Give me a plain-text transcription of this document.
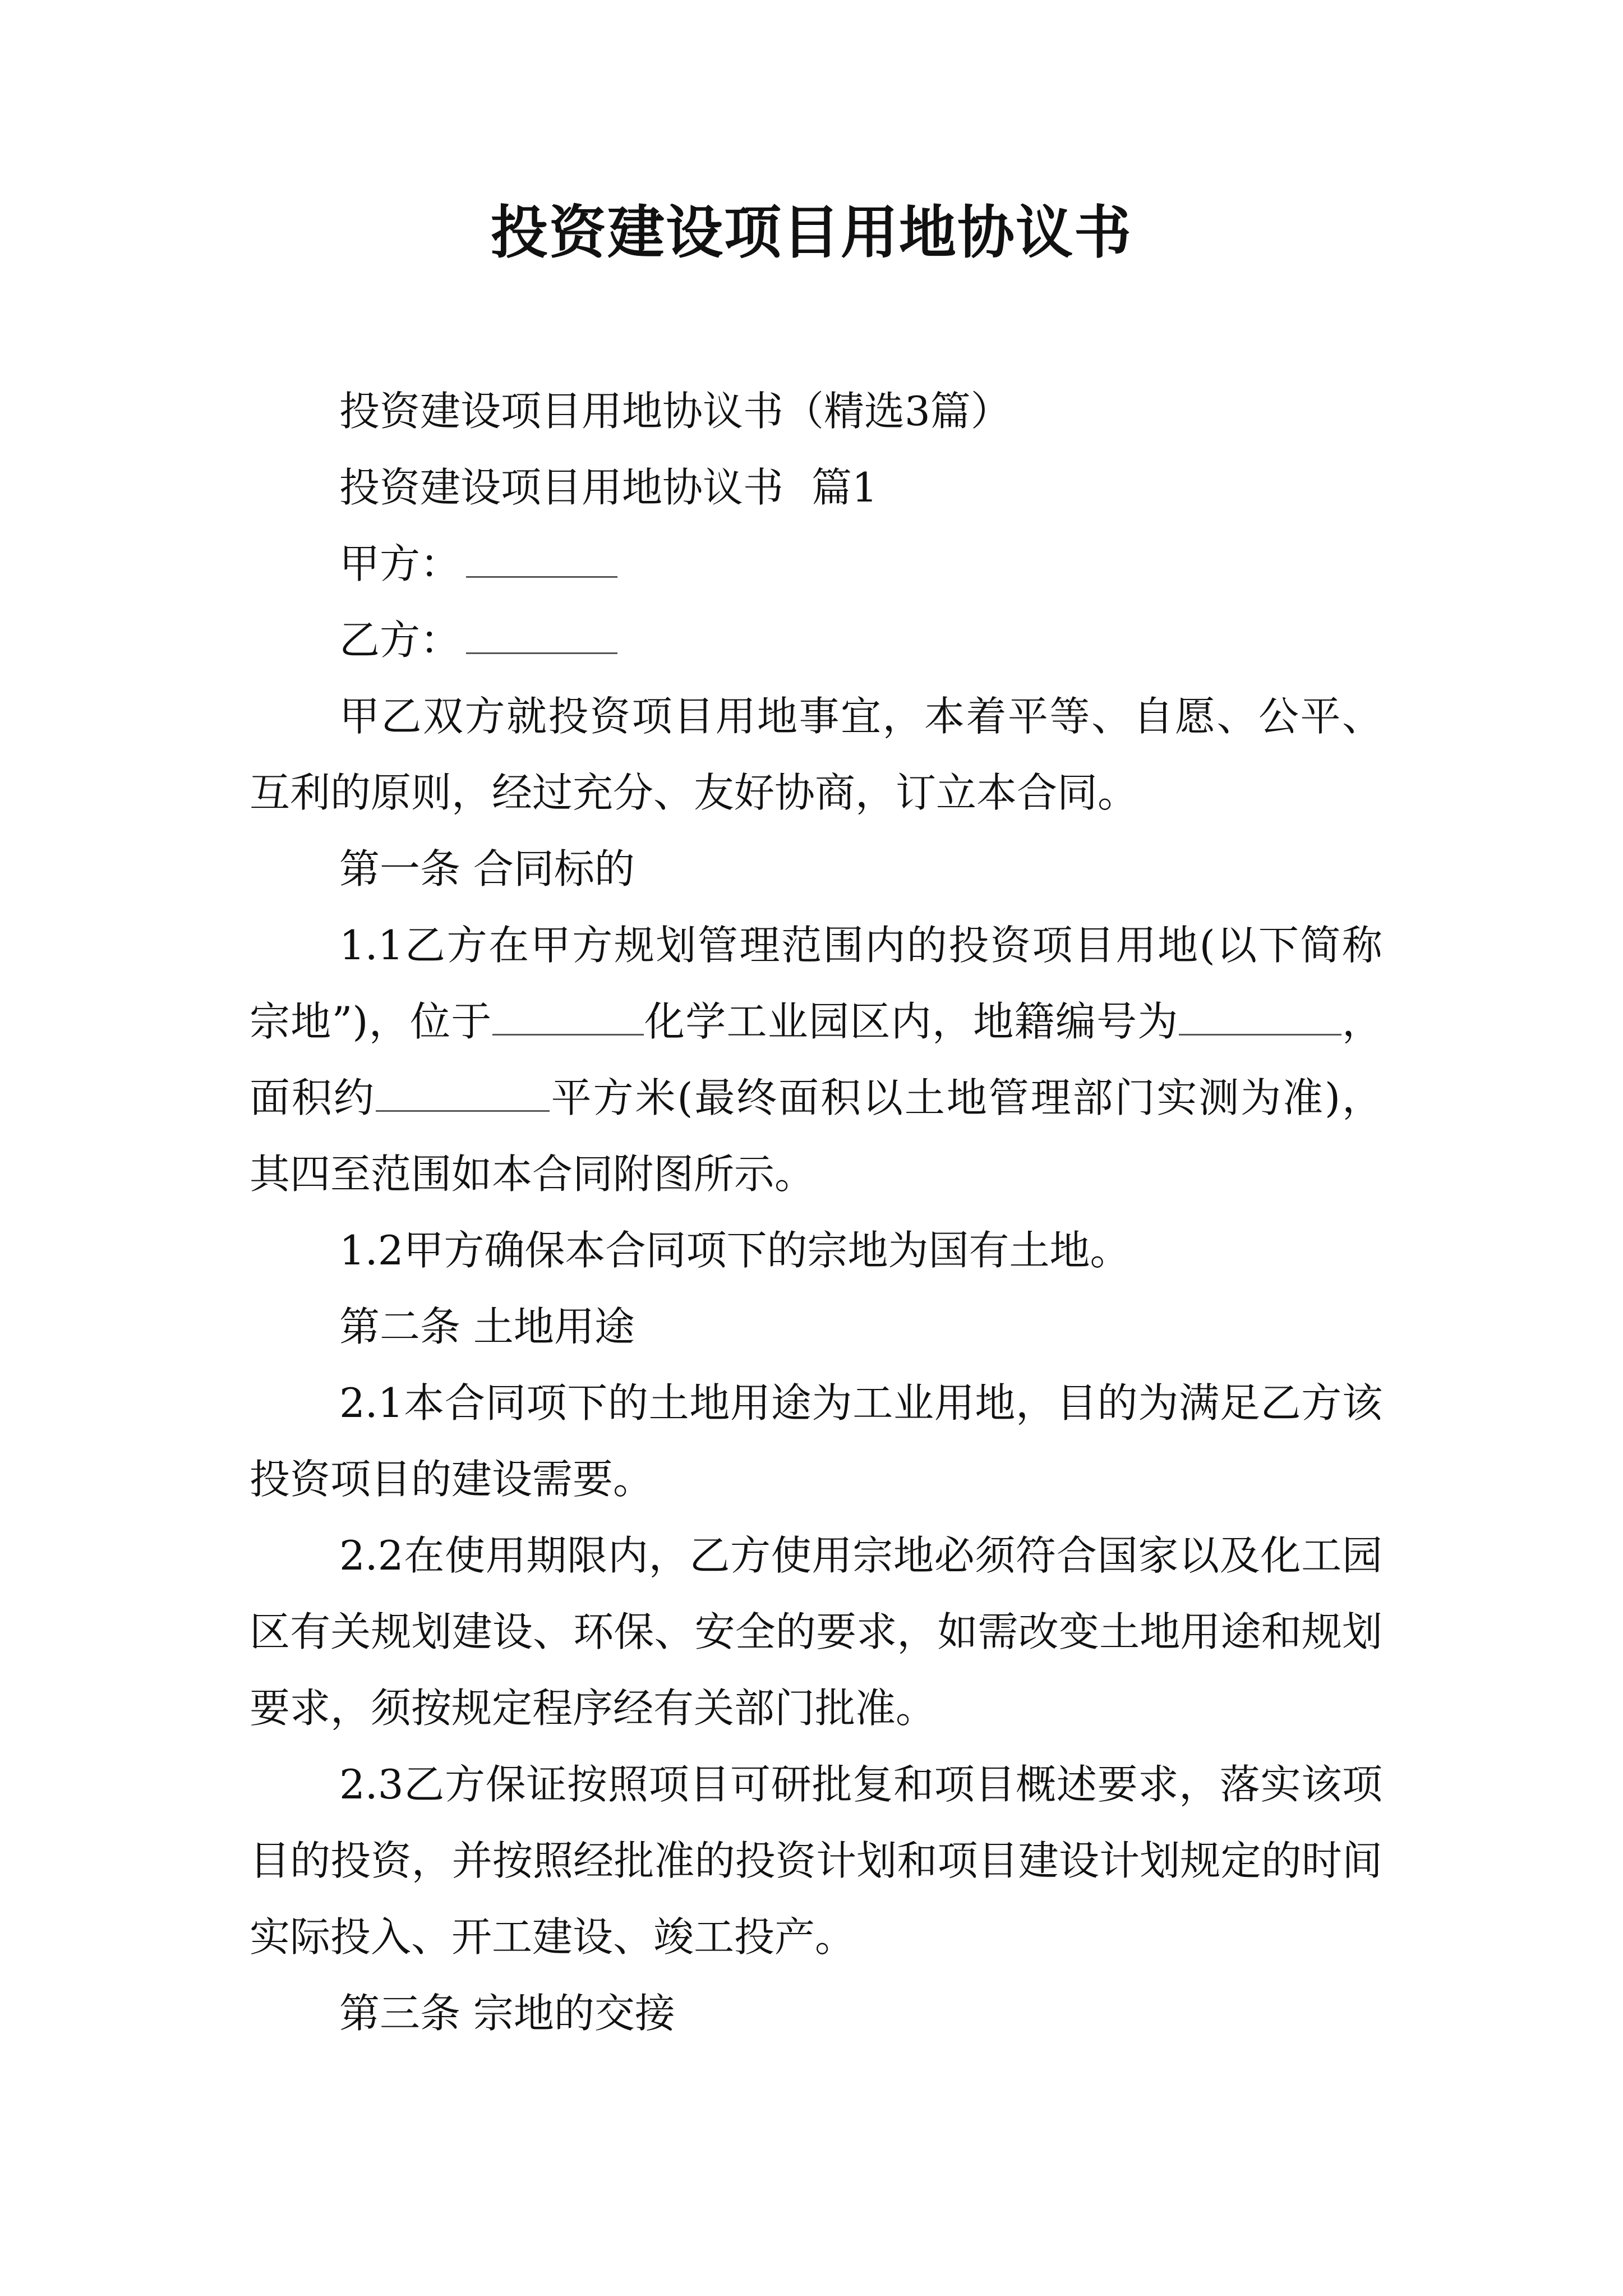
投资建设项目用地协议书

投资建设项目用地协议书（精选3篇）

投资建设项目用地协议书 篇1

甲方：

乙方：

甲乙双方就投资项目用地事宜，本着平等、自愿、公平、互利的原则，经过充分、友好协商，订立本合同。

第一条 合同标的

1.1乙方在甲方规划管理范围内的投资项目用地(以下简称宗地”)，位于	化学工业园区内，地籍编号为	，面积约	平方米(最终面积以土地管理部门实测为准)，其四至范围如本合同附图所示。

1.2甲方确保本合同项下的宗地为国有土地。

第二条 土地用途

2.1本合同项下的土地用途为工业用地，目的为满足乙方该投资项目的建设需要。

2.2在使用期限内，乙方使用宗地必须符合国家以及化工园区有关规划建设、环保、安全的要求，如需改变土地用途和规划要求，须按规定程序经有关部门批准。

2.3乙方保证按照项目可研批复和项目概述要求，落实该项目的投资，并按照经批准的投资计划和项目建设计划规定的时间实际投入、开工建设、竣工投产。

第三条 宗地的交接
